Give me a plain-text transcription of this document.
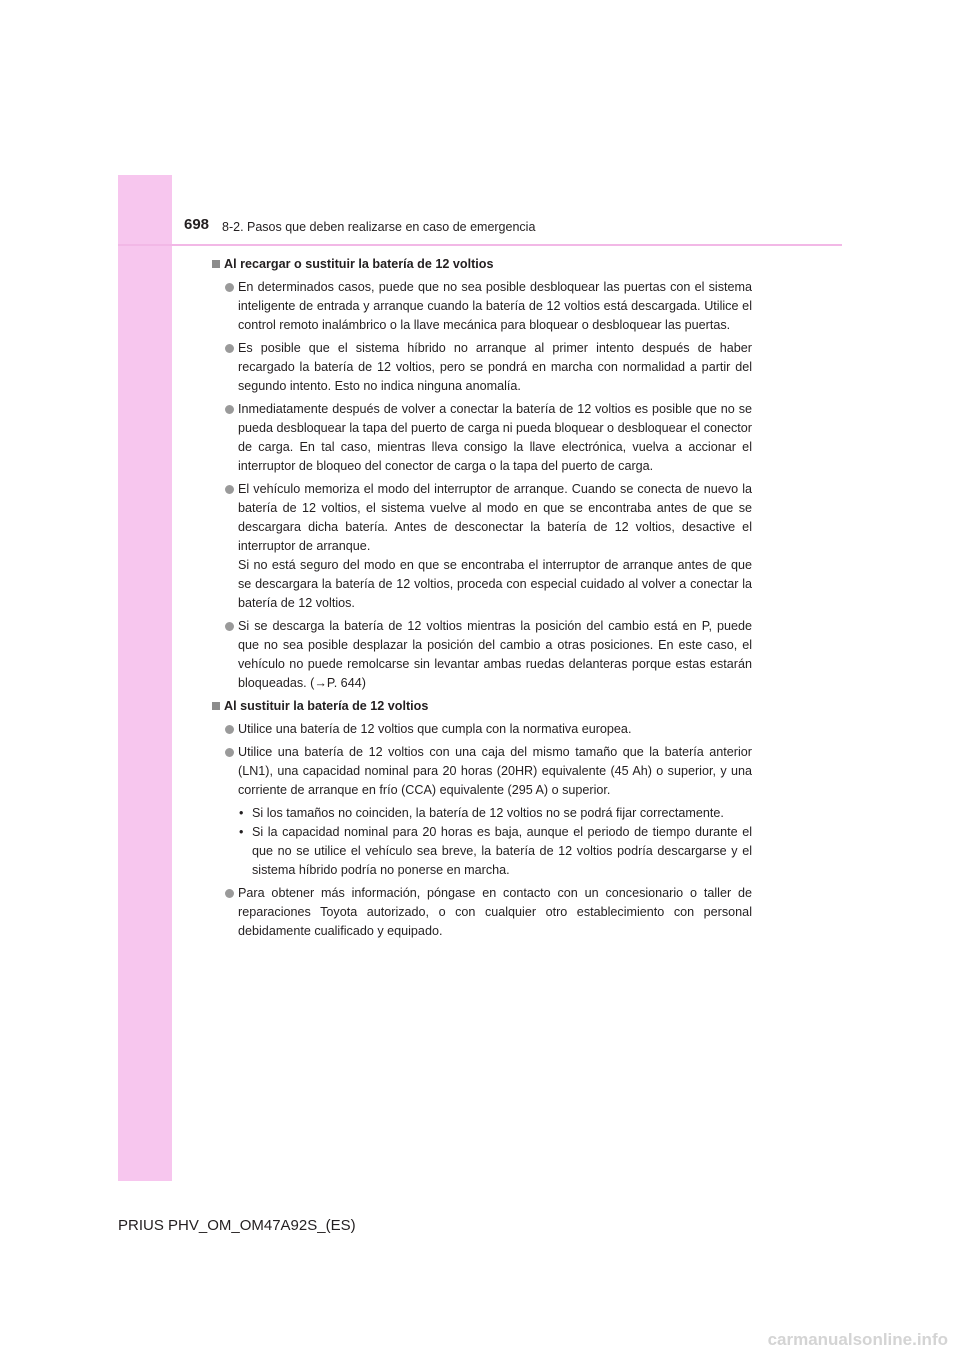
698 8-2. Pasos que deben realizarse en caso de emergencia
Al recargar o sustituir la batería de 12 voltios
En determinados casos, puede que no sea posible desbloquear las puertas con el sistema inteligente de entrada y arranque cuando la batería de 12 voltios está descargada. Utilice el control remoto inalámbrico o la llave mecánica para bloquear o desbloquear las puertas.
Es posible que el sistema híbrido no arranque al primer intento después de haber recargado la batería de 12 voltios, pero se pondrá en marcha con normalidad a partir del segundo intento. Esto no indica ninguna anomalía.
Inmediatamente después de volver a conectar la batería de 12 voltios es posible que no se pueda desbloquear la tapa del puerto de carga ni pueda bloquear o desbloquear el conector de carga. En tal caso, mientras lleva consigo la llave electrónica, vuelva a accionar el interruptor de bloqueo del conector de carga o la tapa del puerto de carga.
El vehículo memoriza el modo del interruptor de arranque. Cuando se conecta de nuevo la batería de 12 voltios, el sistema vuelve al modo en que se encontraba antes de que se descargara dicha batería. Antes de desconectar la batería de 12 voltios, desactive el interruptor de arranque.
Si no está seguro del modo en que se encontraba el interruptor de arranque antes de que se descargara la batería de 12 voltios, proceda con especial cuidado al volver a conectar la batería de 12 voltios.
Si se descarga la batería de 12 voltios mientras la posición del cambio está en P, puede que no sea posible desplazar la posición del cambio a otras posiciones. En este caso, el vehículo no puede remolcarse sin levantar ambas ruedas delanteras porque estas estarán bloqueadas. (→P. 644)
Al sustituir la batería de 12 voltios
Utilice una batería de 12 voltios que cumpla con la normativa europea.
Utilice una batería de 12 voltios con una caja del mismo tamaño que la batería anterior (LN1), una capacidad nominal para 20 horas (20HR) equivalente (45 Ah) o superior, y una corriente de arranque en frío (CCA) equivalente (295 A) o superior.
• Si los tamaños no coinciden, la batería de 12 voltios no se podrá fijar correctamente.
• Si la capacidad nominal para 20 horas es baja, aunque el periodo de tiempo durante el que no se utilice el vehículo sea breve, la batería de 12 voltios podría descargarse y el sistema híbrido podría no ponerse en marcha.
Para obtener más información, póngase en contacto con un concesionario o taller de reparaciones Toyota autorizado, o con cualquier otro establecimiento con personal debidamente cualificado y equipado.
PRIUS PHV_OM_OM47A92S_(ES)
carmanualsonline.info
